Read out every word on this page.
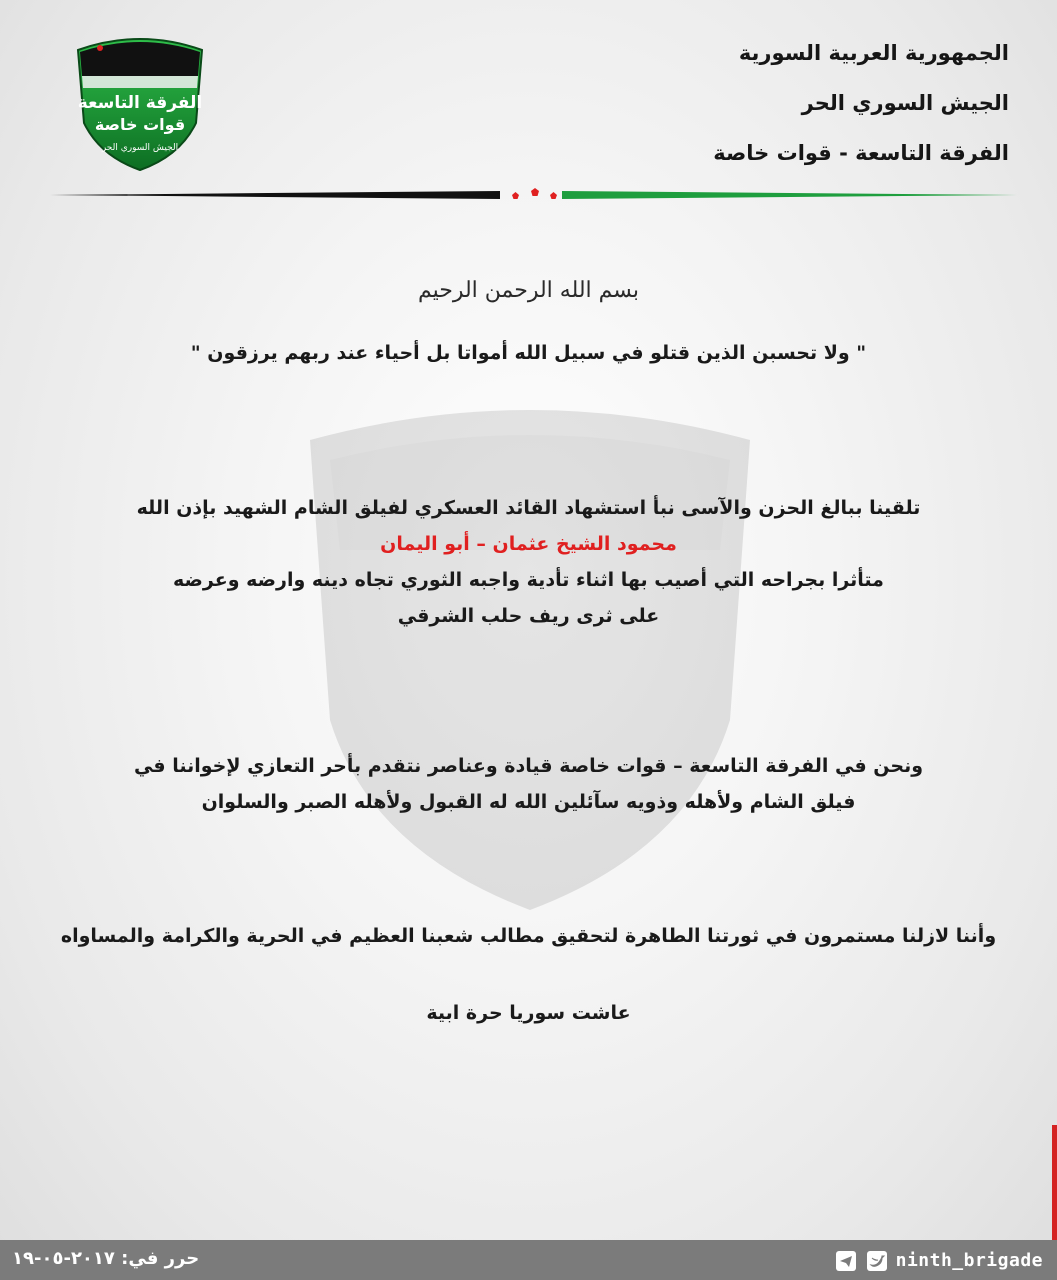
الفرقة التاسعة
قوات خاصة
الجيش السوري الحر
الجمهورية العربية السورية
الجيش السوري الحر
الفرقة التاسعة - قوات خاصة
بسم الله الرحمن الرحيم
" ولا تحسبن الذين قتلو في سبيل الله أمواتا بل أحياء عند ربهم يرزقون "
تلقينا ببالغ الحزن والآسى نبأ استشهاد القائد العسكري لفيلق الشام الشهيد بإذن الله
محمود الشيخ عثمان – أبو اليمان
متأثرا بجراحه التي أصيب بها اثناء تأدية واجبه الثوري تجاه دينه وارضه وعرضه
على ثرى ريف حلب الشرقي
ونحن في الفرقة التاسعة – قوات خاصة قيادة وعناصر نتقدم بأحر التعازي لإخواننا في
فيلق الشام ولأهله وذويه سآئلين الله له القبول ولأهله الصبر والسلوان
وأننا لازلنا مستمرون في ثورتنا الطاهرة لتحقيق مطالب شعبنا العظيم في الحرية والكرامة والمساواه
عاشت سوريا حرة ابية
حرر في: ٢٠١٧-٠٥-١٩
	ninth_brigade
